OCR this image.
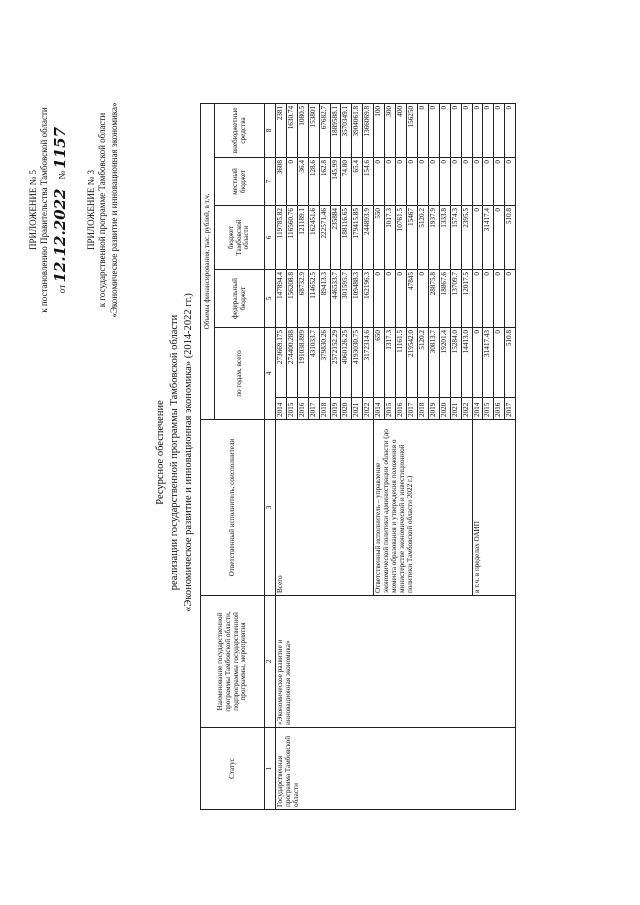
ПРИЛОЖЕНИЕ № 5 к постановлению Правительства Тамбовской области от 12.12.2022    № 1157
ПРИЛОЖЕНИЕ № 3 к государственной программе Тамбовской области «Экономическое развитие и инновационная экономика»
Ресурсное обеспечение реализации государственной программы Тамбовской области «Экономическое развитие и инновационная экономика» (2014-2022 гг.)
Статус	Наименование государственной программы Тамбовской области, подпрограммы государственной программы, мероприятия	Ответственный исполнитель, соисполнители	Объемы финансирования, тыс. рублей, в т.ч.					
			по годам, всего		федеральный бюджет	бюджет Тамбовской области	местный бюджет	внебюджетные средства
1	2	3	4		5	6	7	8
Государственная программа Тамбовской области	«Экономическое развитие и инновационная экономика»	Всего	2014	273669.175	147894.4	119785.82	3608	2381
			2015	274400.288	156208.8	116560.76	0	1630.74
			2016	191038.899	68732.9	121189.1	36.4	1080.5
			2017	431033.7	114652.5	162451.6	128.6	153801
			2018	379830.26	89413.3	222571.46	162.8	67682.7
			2019	2572152.29	446533.7	235884	145.99	1889588.1
			2020	4060126.25	301595.7	188116.65	74.80	3570349.1
			2021	4193030.75	109488.3	179415.85	65.4	3904061.8
			2022	3172314.6	162196.3	244893.9	154.6	1366069.8
		Ответственный исполнитель – управление экономической политики администрации области (до момента образования и утверждения положения о министерстве экономической и инвестиционной политики Тамбовской области 2022 г.)	2014	650	0	550	0	100
			2015	1317.3	0	1017.3	0	300
			2016	11161.5	0	10761.5	0	400
			2017	219542.0	47845	15467	0	156250
			2018	5120.2	0	5120.2	0	0
			2019	30813.7	28875.8	1937.9	0	0
			2020	19201.4	18867.6	1333.8	0	0
			2021	15284.0	13709.7	1574.3	0	0
			2022	14413.0	12017.5	2395.5	0	0
		в т.ч. в пределах ОАИП	2014	0	0	0	0	0
			2015	31417.43	0	31417.4	0	0
			2016	0	0	0	0	0
			2017	510.8	0	510.8	0	0
